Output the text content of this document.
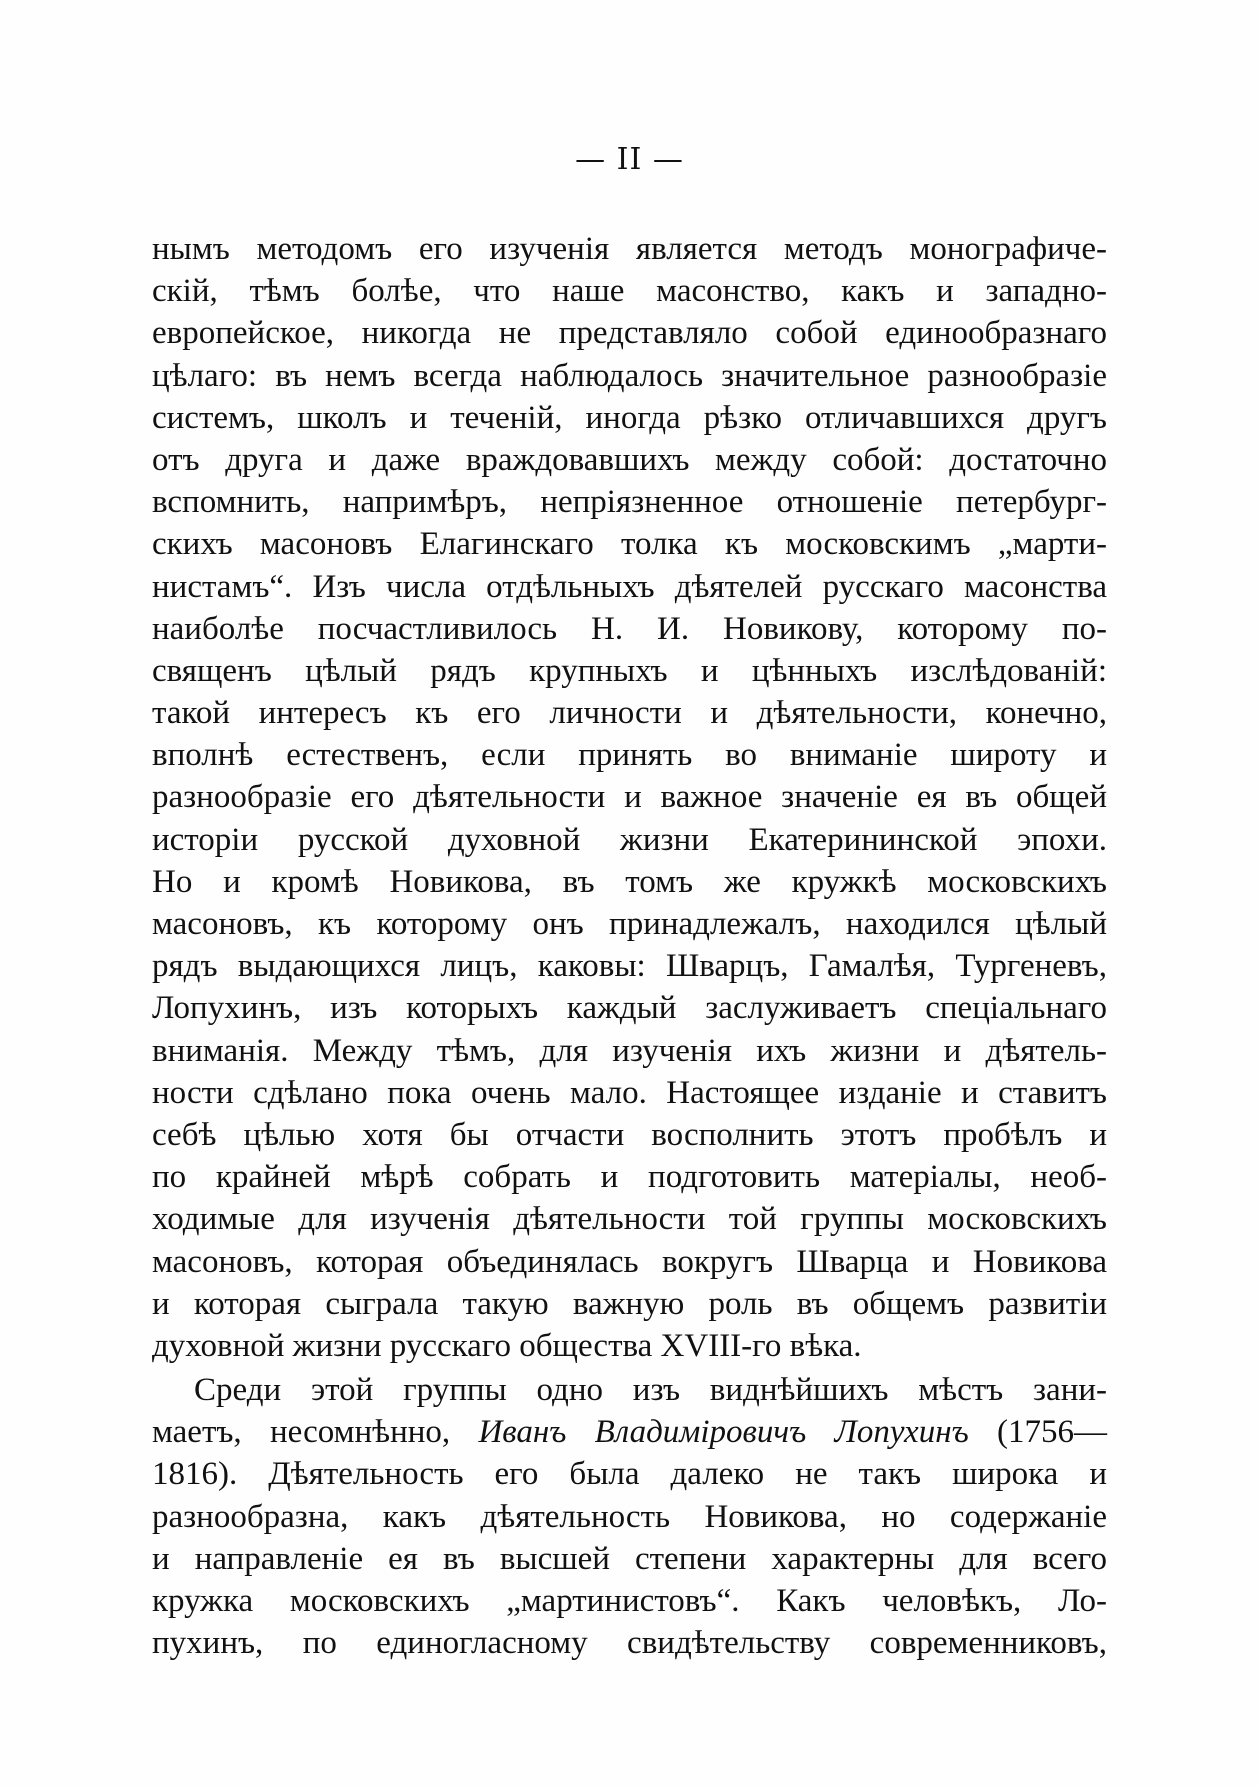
— II —
нымъ методомъ его изученія является методъ монографиче-
скій, тѣмъ болѣе, что наше масонство, какъ и западно-
европейское, никогда не представляло собой единообразнаго
цѣлаго: въ немъ всегда наблюдалось значительное разнообразіе
системъ, школъ и теченій, иногда рѣзко отличавшихся другъ
отъ друга и даже враждовавшихъ между собой: достаточно
вспомнить, напримѣръ, непріязненное отношеніе петербург-
скихъ масоновъ Елагинскаго толка къ московскимъ „марти-
нистамъ“. Изъ числа отдѣльныхъ дѣятелей русскаго масонства
наиболѣе посчастливилось Н. И. Новикову, которому по-
священъ цѣлый рядъ крупныхъ и цѣнныхъ изслѣдованій:
такой интересъ къ его личности и дѣятельности, конечно,
вполнѣ естественъ, если принять во вниманіе широту и
разнообразіе его дѣятельности и важное значеніе ея въ общей
исторіи русской духовной жизни Екатерининской эпохи.
Но и кромѣ Новикова, въ томъ же кружкѣ московскихъ
масоновъ, къ которому онъ принадлежалъ, находился цѣлый
рядъ выдающихся лицъ, каковы: Шварцъ, Гамалѣя, Тургеневъ,
Лопухинъ, изъ которыхъ каждый заслуживаетъ спеціальнаго
вниманія. Между тѣмъ, для изученія ихъ жизни и дѣятель-
ности сдѣлано пока очень мало. Настоящее изданіе и ставитъ
себѣ цѣлью хотя бы отчасти восполнить этотъ пробѣлъ и
по крайней мѣрѣ собрать и подготовить матеріалы, необ-
ходимые для изученія дѣятельности той группы московскихъ
масоновъ, которая объединялась вокругъ Шварца и Новикова
и которая сыграла такую важную роль въ общемъ развитіи
духовной жизни русскаго общества XVIII-го вѣка.
Среди этой группы одно изъ виднѣйшихъ мѣстъ зани-
маетъ, несомнѣнно, Иванъ Владиміровичъ Лопухинъ (1756—
1816). Дѣятельность его была далеко не такъ широка и
разнообразна, какъ дѣятельность Новикова, но содержаніе
и направленіе ея въ высшей степени характерны для всего
кружка московскихъ „мартинистовъ“. Какъ человѣкъ, Ло-
пухинъ, по единогласному свидѣтельству современниковъ,
